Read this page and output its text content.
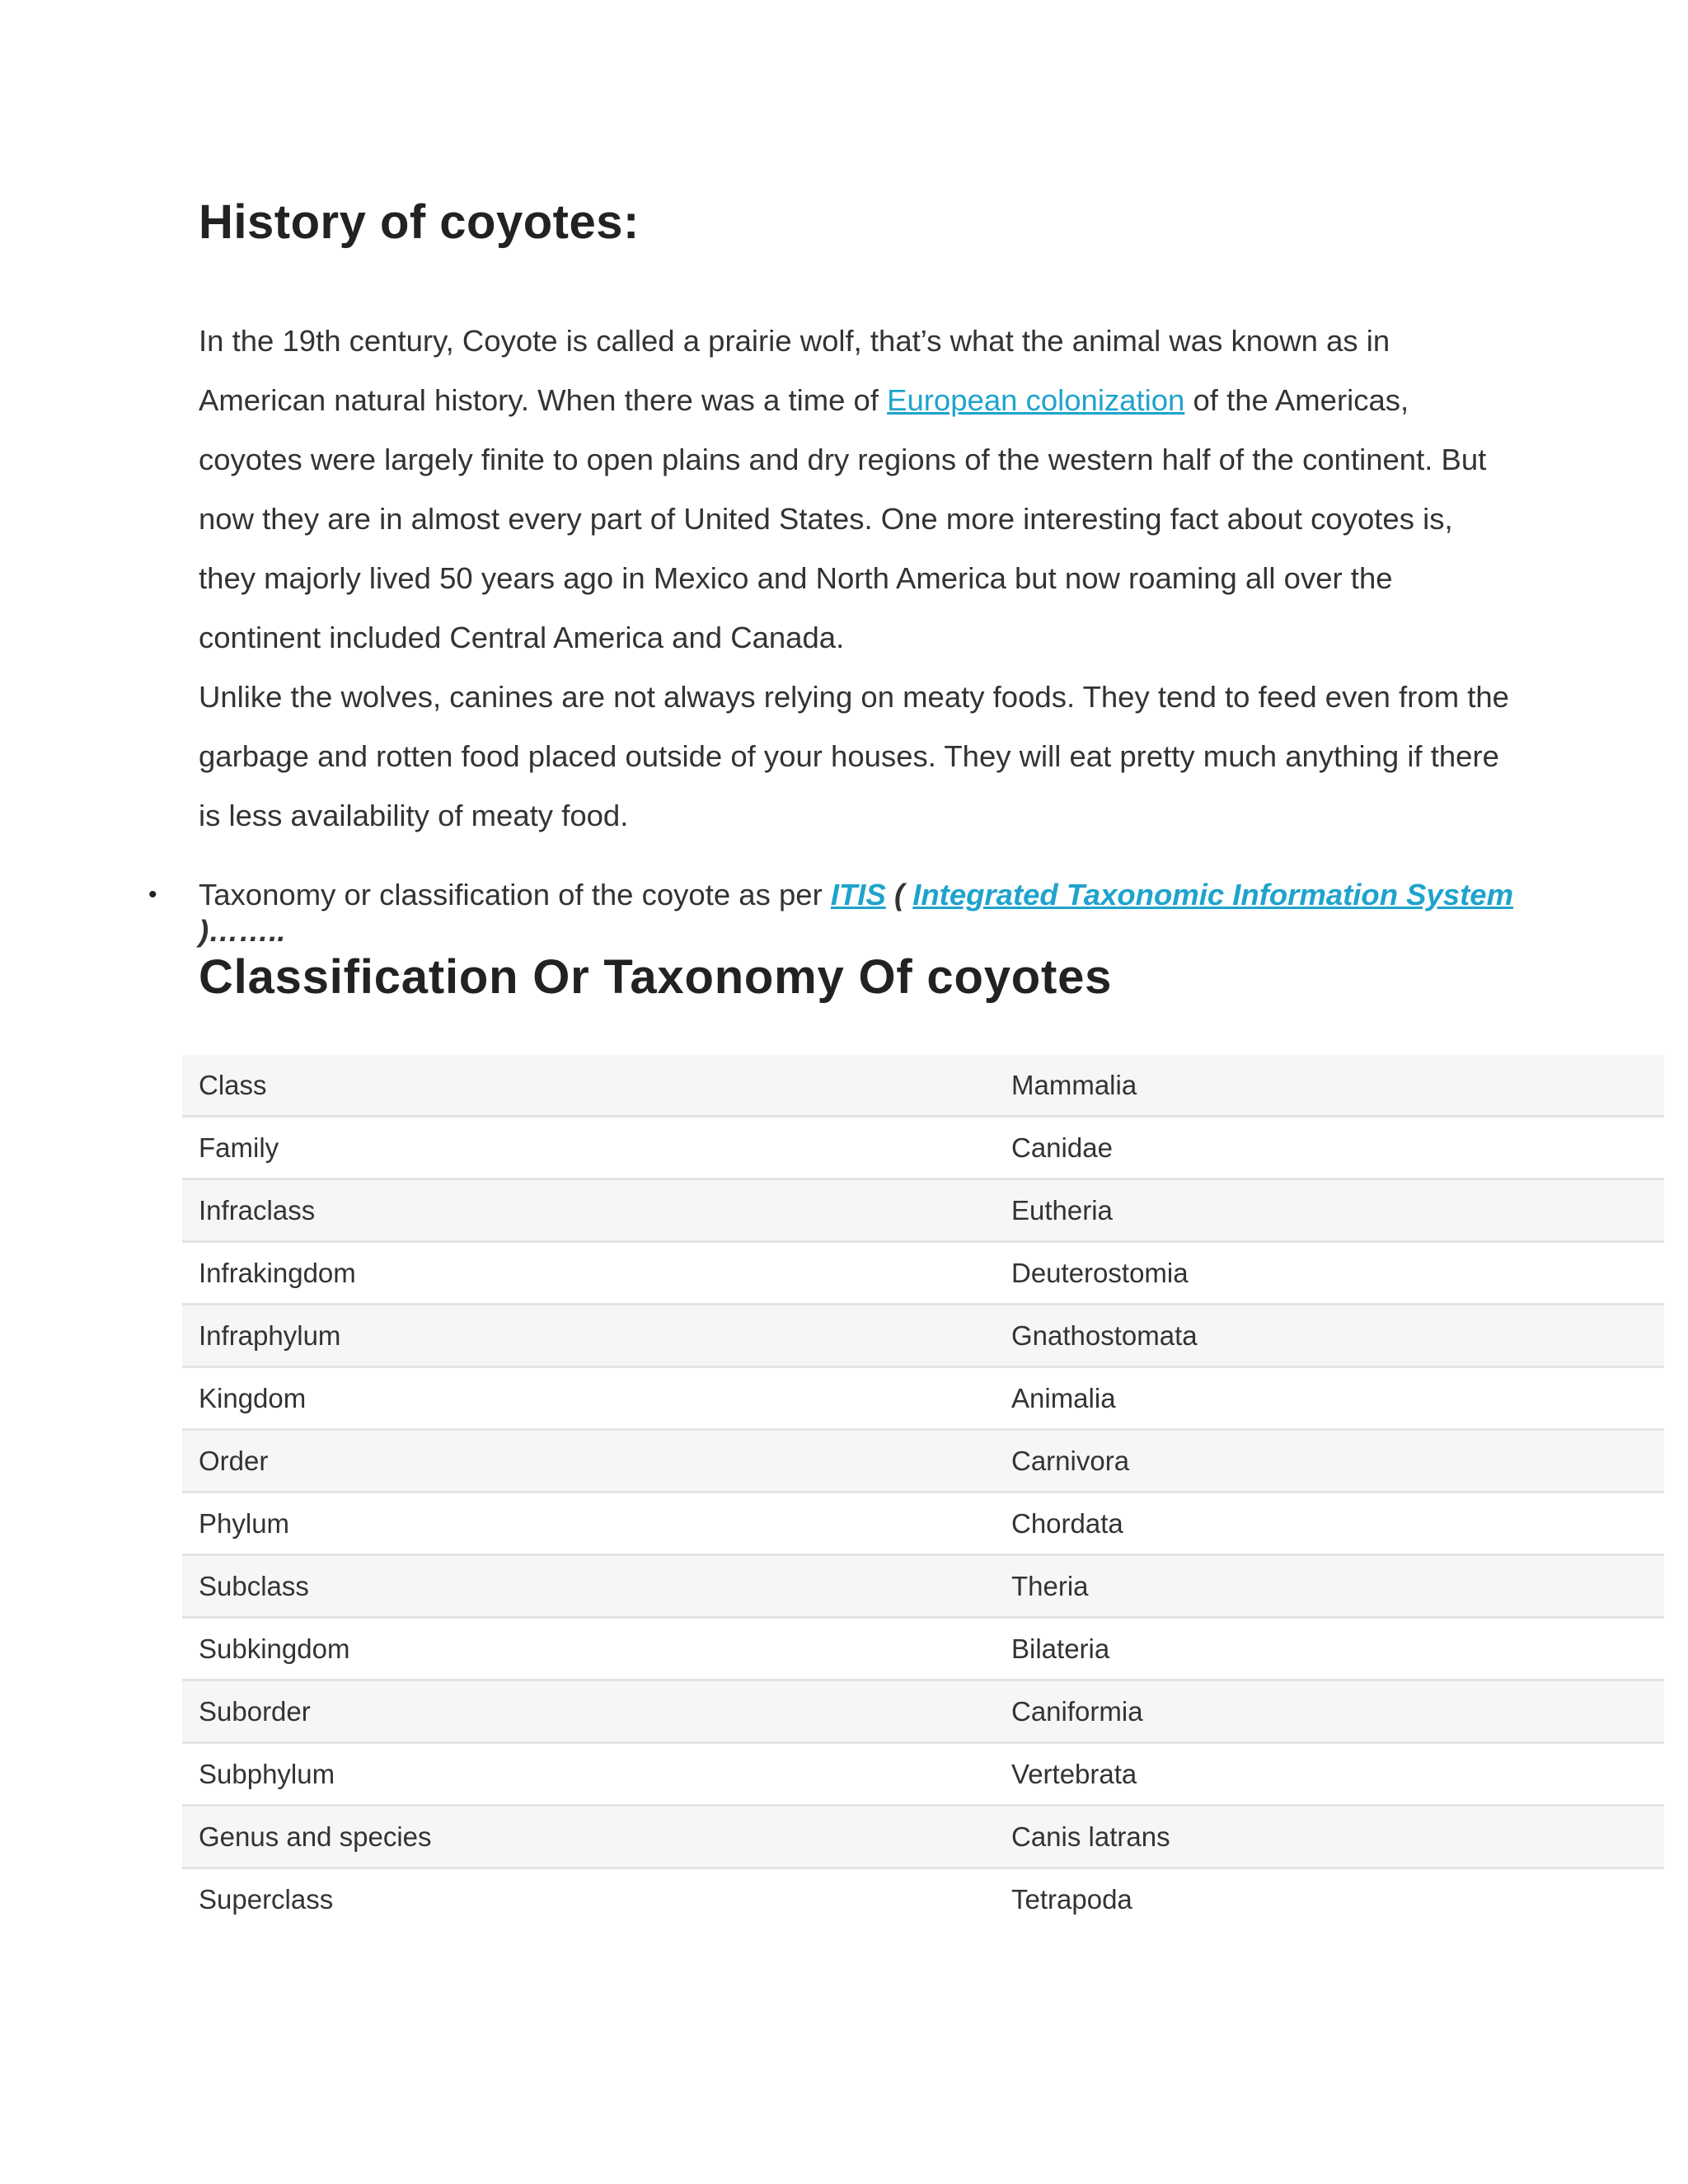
History of coyotes:

In the 19th century, Coyote is called a prairie wolf, that’s what the animal was known as in American natural history. When there was a time of European colonization of the Americas, coyotes were largely finite to open plains and dry regions of the western half of the continent. But now they are in almost every part of United States. One more interesting fact about coyotes is, they majorly lived 50 years ago in Mexico and North America but now roaming all over the continent included Central America and Canada.

Unlike the wolves, canines are not always relying on meaty foods. They tend to feed even from the garbage and rotten food placed outside of your houses. They will eat pretty much anything if there is less availability of meaty food.

• Taxonomy or classification of the coyote as per ITIS ( Integrated Taxonomic Information System )……..
Classification Or Taxonomy Of coyotes
Class	Mammalia
Family	Canidae
Infraclass	Eutheria
Infrakingdom	Deuterostomia
Infraphylum	Gnathostomata
Kingdom	Animalia
Order	Carnivora
Phylum	Chordata
Subclass	Theria
Subkingdom	Bilateria
Suborder	Caniformia
Subphylum	Vertebrata
Genus and species	Canis latrans
Superclass	Tetrapoda
